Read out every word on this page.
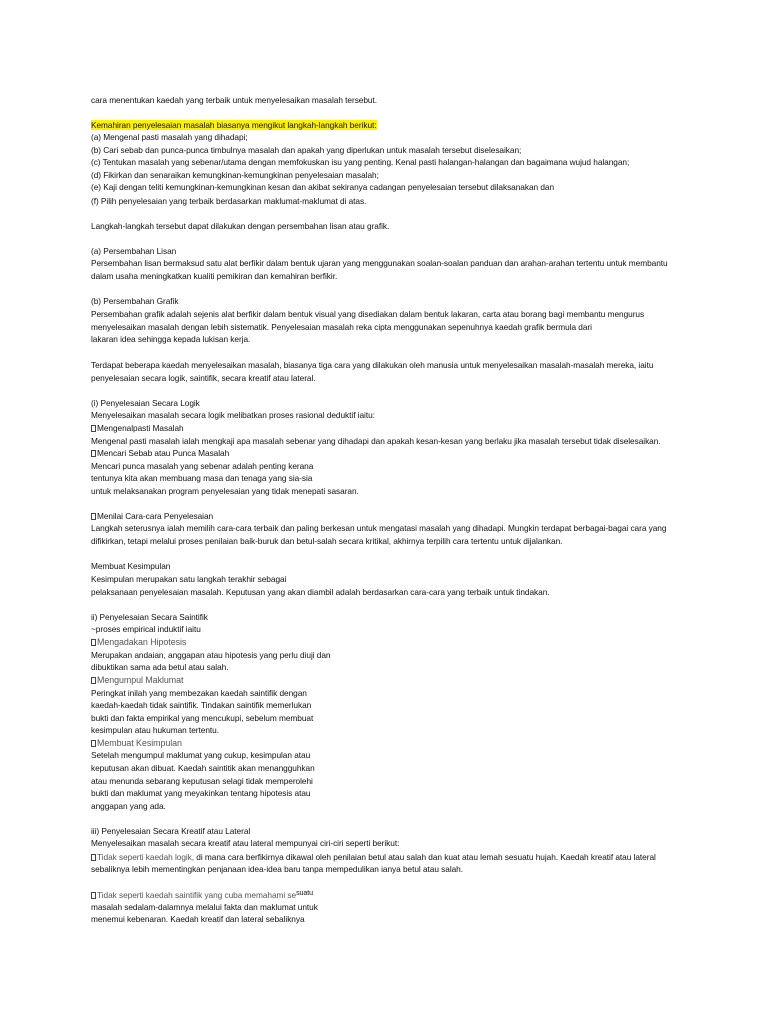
cara menentukan kaedah yang terbaik untuk menyelesaikan masalah tersebut.
Kemahiran penyelesaian masalah biasanya mengikut langkah-langkah berikut:
(a) Mengenal pasti masalah yang dihadapi;
(b) Cari sebab dan punca-punca timbulnya masalah dan apakah yang diperlukan untuk masalah tersebut diselesaikan;
(c) Tentukan masalah yang sebenar/utama dengan memfokuskan isu yang penting. Kenal pasti halangan-halangan dan bagaimana wujud halangan;
(d) Fikirkan dan senaraikan kemungkinan-kemungkinan penyelesaian masalah;
(e) Kaji dengan teliti kemungkinan-kemungkinan kesan dan akibat sekiranya cadangan penyelesaian tersebut dilaksanakan dan
(f) Pilih penyelesaian yang terbaik berdasarkan maklumat-maklumat di atas.
Langkah-langkah tersebut dapat dilakukan dengan persembahan lisan atau grafik.
(a) Persembahan Lisan
Persembahan lisan bermaksud satu alat berfikir dalam bentuk ujaran yang menggunakan soalan-soalan panduan dan arahan-arahan tertentu untuk membantu
dalam usaha meningkatkan kualiti pemikiran dan kemahiran berfikir.
(b) Persembahan Grafik
Persembahan grafik adalah sejenis alat berfikir dalam bentuk visual yang disediakan dalam bentuk lakaran, carta atau borang bagi membantu mengurus
menyelesaikan masalah dengan lebih sistematik. Penyelesaian masalah reka cipta menggunakan sepenuhnya kaedah grafik bermula dari
lakaran idea sehingga kepada lukisan kerja.
Terdapat beberapa kaedah menyelesaikan masalah, biasanya tiga cara yang dilakukan oleh manusia untuk menyelesaikan masalah-masalah mereka, iaitu
penyelesaian secara logik, saintifik, secara kreatif atau lateral.
(i) Penyelesaian Secara Logik
Menyelesaikan masalah secara logik melibatkan proses rasional deduktif iaitu:
Mengenalpasti Masalah
Mengenal pasti masalah ialah mengkaji apa masalah sebenar yang dihadapi dan apakah kesan-kesan yang berlaku jika masalah tersebut tidak diselesaikan.
Mencari Sebab atau Punca Masalah
Mencari punca masalah yang sebenar adalah penting kerana
tentunya kita akan membuang masa dan tenaga yang sia-sia
untuk melaksanakan program penyelesaian yang tidak menepati sasaran.
Menilai Cara-cara Penyelesaian
Langkah seterusnya ialah memilih cara-cara terbaik dan paling berkesan untuk mengatasi masalah yang dihadapi. Mungkin terdapat berbagai-bagai cara yang
difikirkan, tetapi melalui proses penilaian baik-buruk dan betul-salah secara kritikal, akhirnya terpilih cara tertentu untuk dijalankan.
Membuat Kesimpulan
Kesimpulan merupakan satu langkah terakhir sebagai
pelaksanaan penyelesaian masalah. Keputusan yang akan diambil adalah berdasarkan cara-cara yang terbaik untuk tindakan.
ii) Penyelesaian Secara Saintifik
~proses empirical induktif iaitu
Mengadakan Hipotesis
Merupakan andaian, anggapan atau hipotesis yang perlu diuji dan
dibuktikan sama ada betul atau salah.
Mengumpul Maklumat
Peringkat inilah yang membezakan kaedah saintifik dengan
kaedah-kaedah tidak saintifik. Tindakan saintifik memerlukan
bukti dan fakta empirikal yang mencukupi, sebelum membuat
kesimpulan atau hukuman tertentu.
Membuat Kesimpulan
Setelah mengumpul maklumat yang cukup, kesimpulan atau
keputusan akan dibuat. Kaedah saintitik akan menangguhkan
atau menunda sebarang keputusan selagi tidak memperolehi
bukti dan maklumat yang meyakinkan tentang hipotesis atau
anggapan yang ada.
iii) Penyelesaian Secara Kreatif atau Lateral
Menyelesaikan masalah secara kreatif atau lateral mempunyai ciri-ciri seperti berikut:
Tidak seperti kaedah logik, di mana cara berfikirnya dikawal oleh penilaian betul atau salah dan kuat atau lemah sesuatu hujah. Kaedah kreatif atau lateral
sebaliknya lebih mementingkan penjanaan idea-idea baru tanpa mempedulikan ianya betul atau salah.
Tidak seperti kaedah saintifik yang cuba memahami $se^{suatu}$
masalah sedalam-dalamnya melalui fakta dan maklumat untuk
menemui kebenaran. Kaedah kreatif dan lateral sebaliknya
